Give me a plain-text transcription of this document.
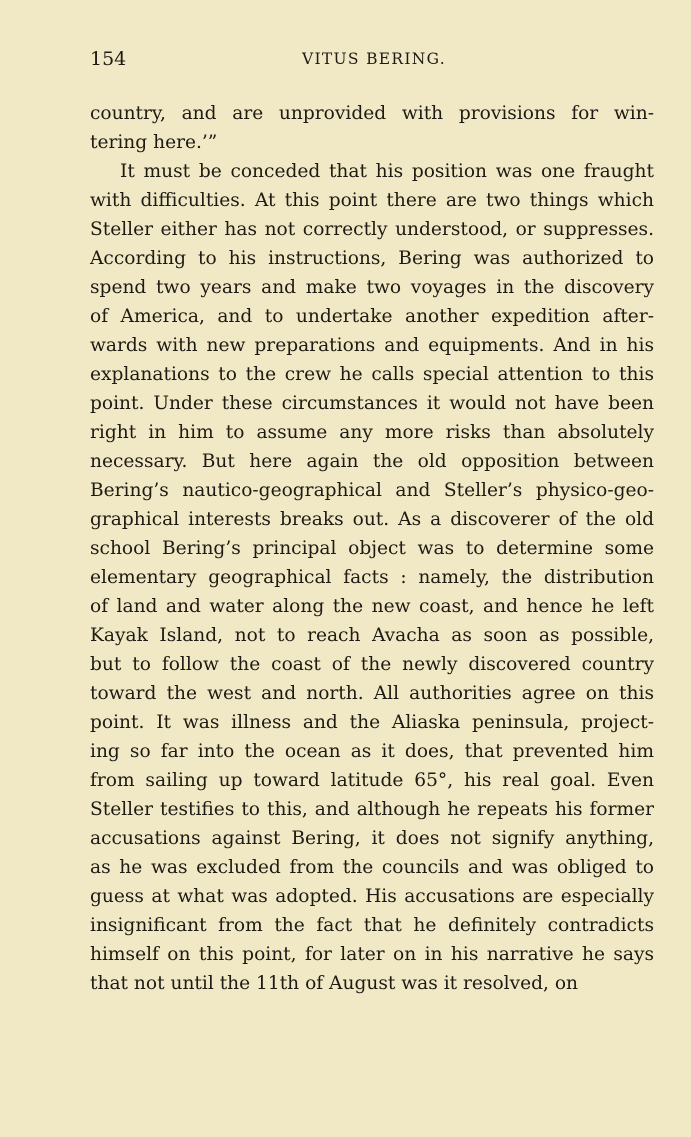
154	VITUS BERING.
country, and are unprovided with provisions for win-
tering here.’”
It must be conceded that his position was one fraught
with difficulties. At this point there are two things which
Steller either has not correctly understood, or suppresses.
According to his instructions, Bering was authorized to
spend two years and make two voyages in the discovery
of America, and to undertake another expedition after-
wards with new preparations and equipments. And in his
explanations to the crew he calls special attention to this
point. Under these circumstances it would not have been
right in him to assume any more risks than absolutely
necessary. But here again the old opposition between
Bering’s nautico-geographical and Steller’s physico-geo-
graphical interests breaks out. As a discoverer of the old
school Bering’s principal object was to determine some
elementary geographical facts : namely, the distribution
of land and water along the new coast, and hence he left
Kayak Island, not to reach Avacha as soon as possible,
but to follow the coast of the newly discovered country
toward the west and north. All authorities agree on this
point. It was illness and the Aliaska peninsula, project-
ing so far into the ocean as it does, that prevented him
from sailing up toward latitude 65°, his real goal. Even
Steller testifies to this, and although he repeats his former
accusations against Bering, it does not signify anything,
as he was excluded from the councils and was obliged to
guess at what was adopted. His accusations are especially
insignificant from the fact that he definitely contradicts
himself on this point, for later on in his narrative he says
that not until the 11th of August was it resolved, on
